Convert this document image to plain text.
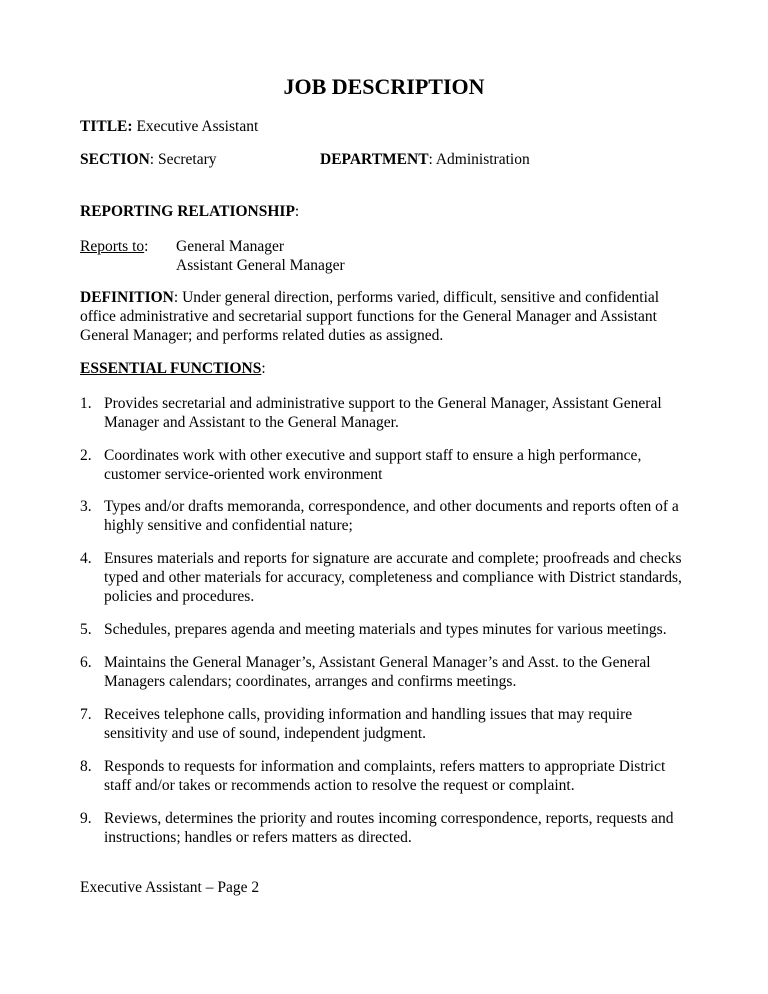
JOB DESCRIPTION
TITLE: Executive Assistant
SECTION: Secretary	DEPARTMENT: Administration
REPORTING RELATIONSHIP:
Reports to: General Manager
Assistant General Manager
DEFINITION: Under general direction, performs varied, difficult, sensitive and confidential office administrative and secretarial support functions for the General Manager and Assistant General Manager; and performs related duties as assigned.
ESSENTIAL FUNCTIONS:
1. Provides secretarial and administrative support to the General Manager, Assistant General Manager and Assistant to the General Manager.
2. Coordinates work with other executive and support staff to ensure a high performance, customer service-oriented work environment
3. Types and/or drafts memoranda, correspondence, and other documents and reports often of a highly sensitive and confidential nature;
4. Ensures materials and reports for signature are accurate and complete; proofreads and checks typed and other materials for accuracy, completeness and compliance with District standards, policies and procedures.
5. Schedules, prepares agenda and meeting materials and types minutes for various meetings.
6. Maintains the General Manager’s, Assistant General Manager’s and Asst. to the General Managers calendars; coordinates, arranges and confirms meetings.
7. Receives telephone calls, providing information and handling issues that may require sensitivity and use of sound, independent judgment.
8. Responds to requests for information and complaints, refers matters to appropriate District staff and/or takes or recommends action to resolve the request or complaint.
9. Reviews, determines the priority and routes incoming correspondence, reports, requests and instructions; handles or refers matters as directed.
Executive Assistant – Page 2
